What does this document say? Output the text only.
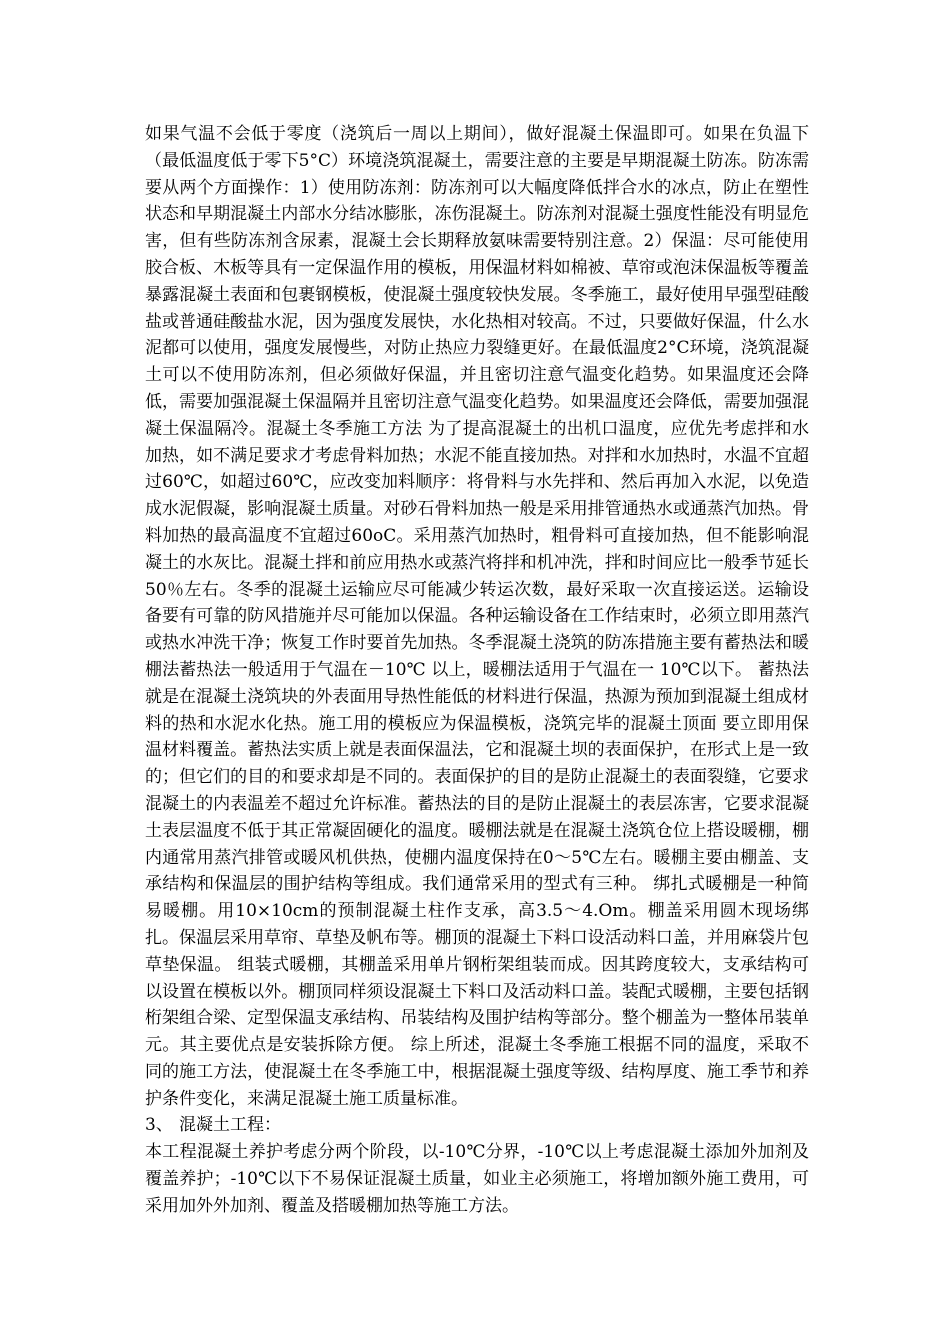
如果气温不会低于零度（浇筑后一周以上期间），做好混凝土保温即可。如果在负温下（最低温度低于零下5°C）环境浇筑混凝土，需要注意的主要是早期混凝土防冻。防冻需要从两个方面操作：1）使用防冻剂：防冻剂可以大幅度降低拌合水的冰点，防止在塑性状态和早期混凝土内部水分结冰膨胀，冻伤混凝土。防冻剂对混凝土强度性能没有明显危害，但有些防冻剂含尿素，混凝土会长期释放氨味需要特别注意。2）保温：尽可能使用胶合板、木板等具有一定保温作用的模板，用保温材料如棉被、草帘或泡沫保温板等覆盖暴露混凝土表面和包裹钢模板，使混凝土强度较快发展。冬季施工，最好使用早强型硅酸盐或普通硅酸盐水泥，因为强度发展快，水化热相对较高。不过，只要做好保温，什么水泥都可以使用，强度发展慢些，对防止热应力裂缝更好。在最低温度2°C环境，浇筑混凝土可以不使用防冻剂，但必须做好保温，并且密切注意气温变化趋势。如果温度还会降低，需要加强混凝土保温隔并且密切注意气温变化趋势。如果温度还会降低，需要加强混凝土保温隔冷。混凝土冬季施工方法 为了提高混凝土的出机口温度，应优先考虑拌和水加热，如不满足要求才考虑骨料加热；水泥不能直接加热。对拌和水加热时，水温不宜超过60℃，如超过60℃，应改变加料顺序：将骨料与水先拌和、然后再加入水泥，以免造成水泥假凝，影响混凝土质量。对砂石骨料加热一般是采用排管通热水或通蒸汽加热。骨料加热的最高温度不宜超过60oC。采用蒸汽加热时，粗骨料可直接加热，但不能影响混凝土的水灰比。混凝土拌和前应用热水或蒸汽将拌和机冲洗，拌和时间应比一般季节延长50％左右。冬季的混凝土运输应尽可能减少转运次数，最好采取一次直接运送。运输设备要有可靠的防风措施并尽可能加以保温。各种运输设备在工作结束时，必须立即用蒸汽或热水冲洗干净；恢复工作时要首先加热。冬季混凝土浇筑的防冻措施主要有蓄热法和暖棚法蓄热法一般适用于气温在－10℃ 以上，暖棚法适用于气温在一 10℃以下。 蓄热法就是在混凝土浇筑块的外表面用导热性能低的材料进行保温，热源为预加到混凝土组成材料的热和水泥水化热。施工用的模板应为保温模板，浇筑完毕的混凝土顶面 要立即用保温材料覆盖。蓄热法实质上就是表面保温法，它和混凝土坝的表面保护，在形式上是一致的；但它们的目的和要求却是不同的。表面保护的目的是防止混凝土的表面裂缝，它要求混凝土的内表温差不超过允许标准。蓄热法的目的是防止混凝土的表层冻害，它要求混凝土表层温度不低于其正常凝固硬化的温度。暖棚法就是在混凝土浇筑仓位上搭设暖棚，棚内通常用蒸汽排管或暖风机供热，使棚内温度保持在0～5℃左右。暖棚主要由棚盖、支承结构和保温层的围护结构等组成。我们通常采用的型式有三种。 绑扎式暖棚是一种简易暖棚。用10×10cm的预制混凝土柱作支承，高3.5～4.Om。棚盖采用圆木现场绑扎。保温层采用草帘、草垫及帆布等。棚顶的混凝土下料口设活动料口盖，并用麻袋片包草垫保温。 组装式暖棚，其棚盖采用单片钢桁架组装而成。因其跨度较大，支承结构可以设置在模板以外。棚顶同样须设混凝土下料口及活动料口盖。装配式暖棚，主要包括钢桁架组合梁、定型保温支承结构、吊装结构及围护结构等部分。整个棚盖为一整体吊装单元。其主要优点是安装拆除方便。 综上所述，混凝土冬季施工根据不同的温度，采取不同的施工方法，使混凝土在冬季施工中，根据混凝土强度等级、结构厚度、施工季节和养护条件变化，来满足混凝土施工质量标准。

3、 混凝土工程：

本工程混凝土养护考虑分两个阶段，以-10℃分界，-10℃以上考虑混凝土添加外加剂及覆盖养护；-10℃以下不易保证混凝土质量，如业主必须施工，将增加额外施工费用，可采用加外外加剂、覆盖及搭暖棚加热等施工方法。
